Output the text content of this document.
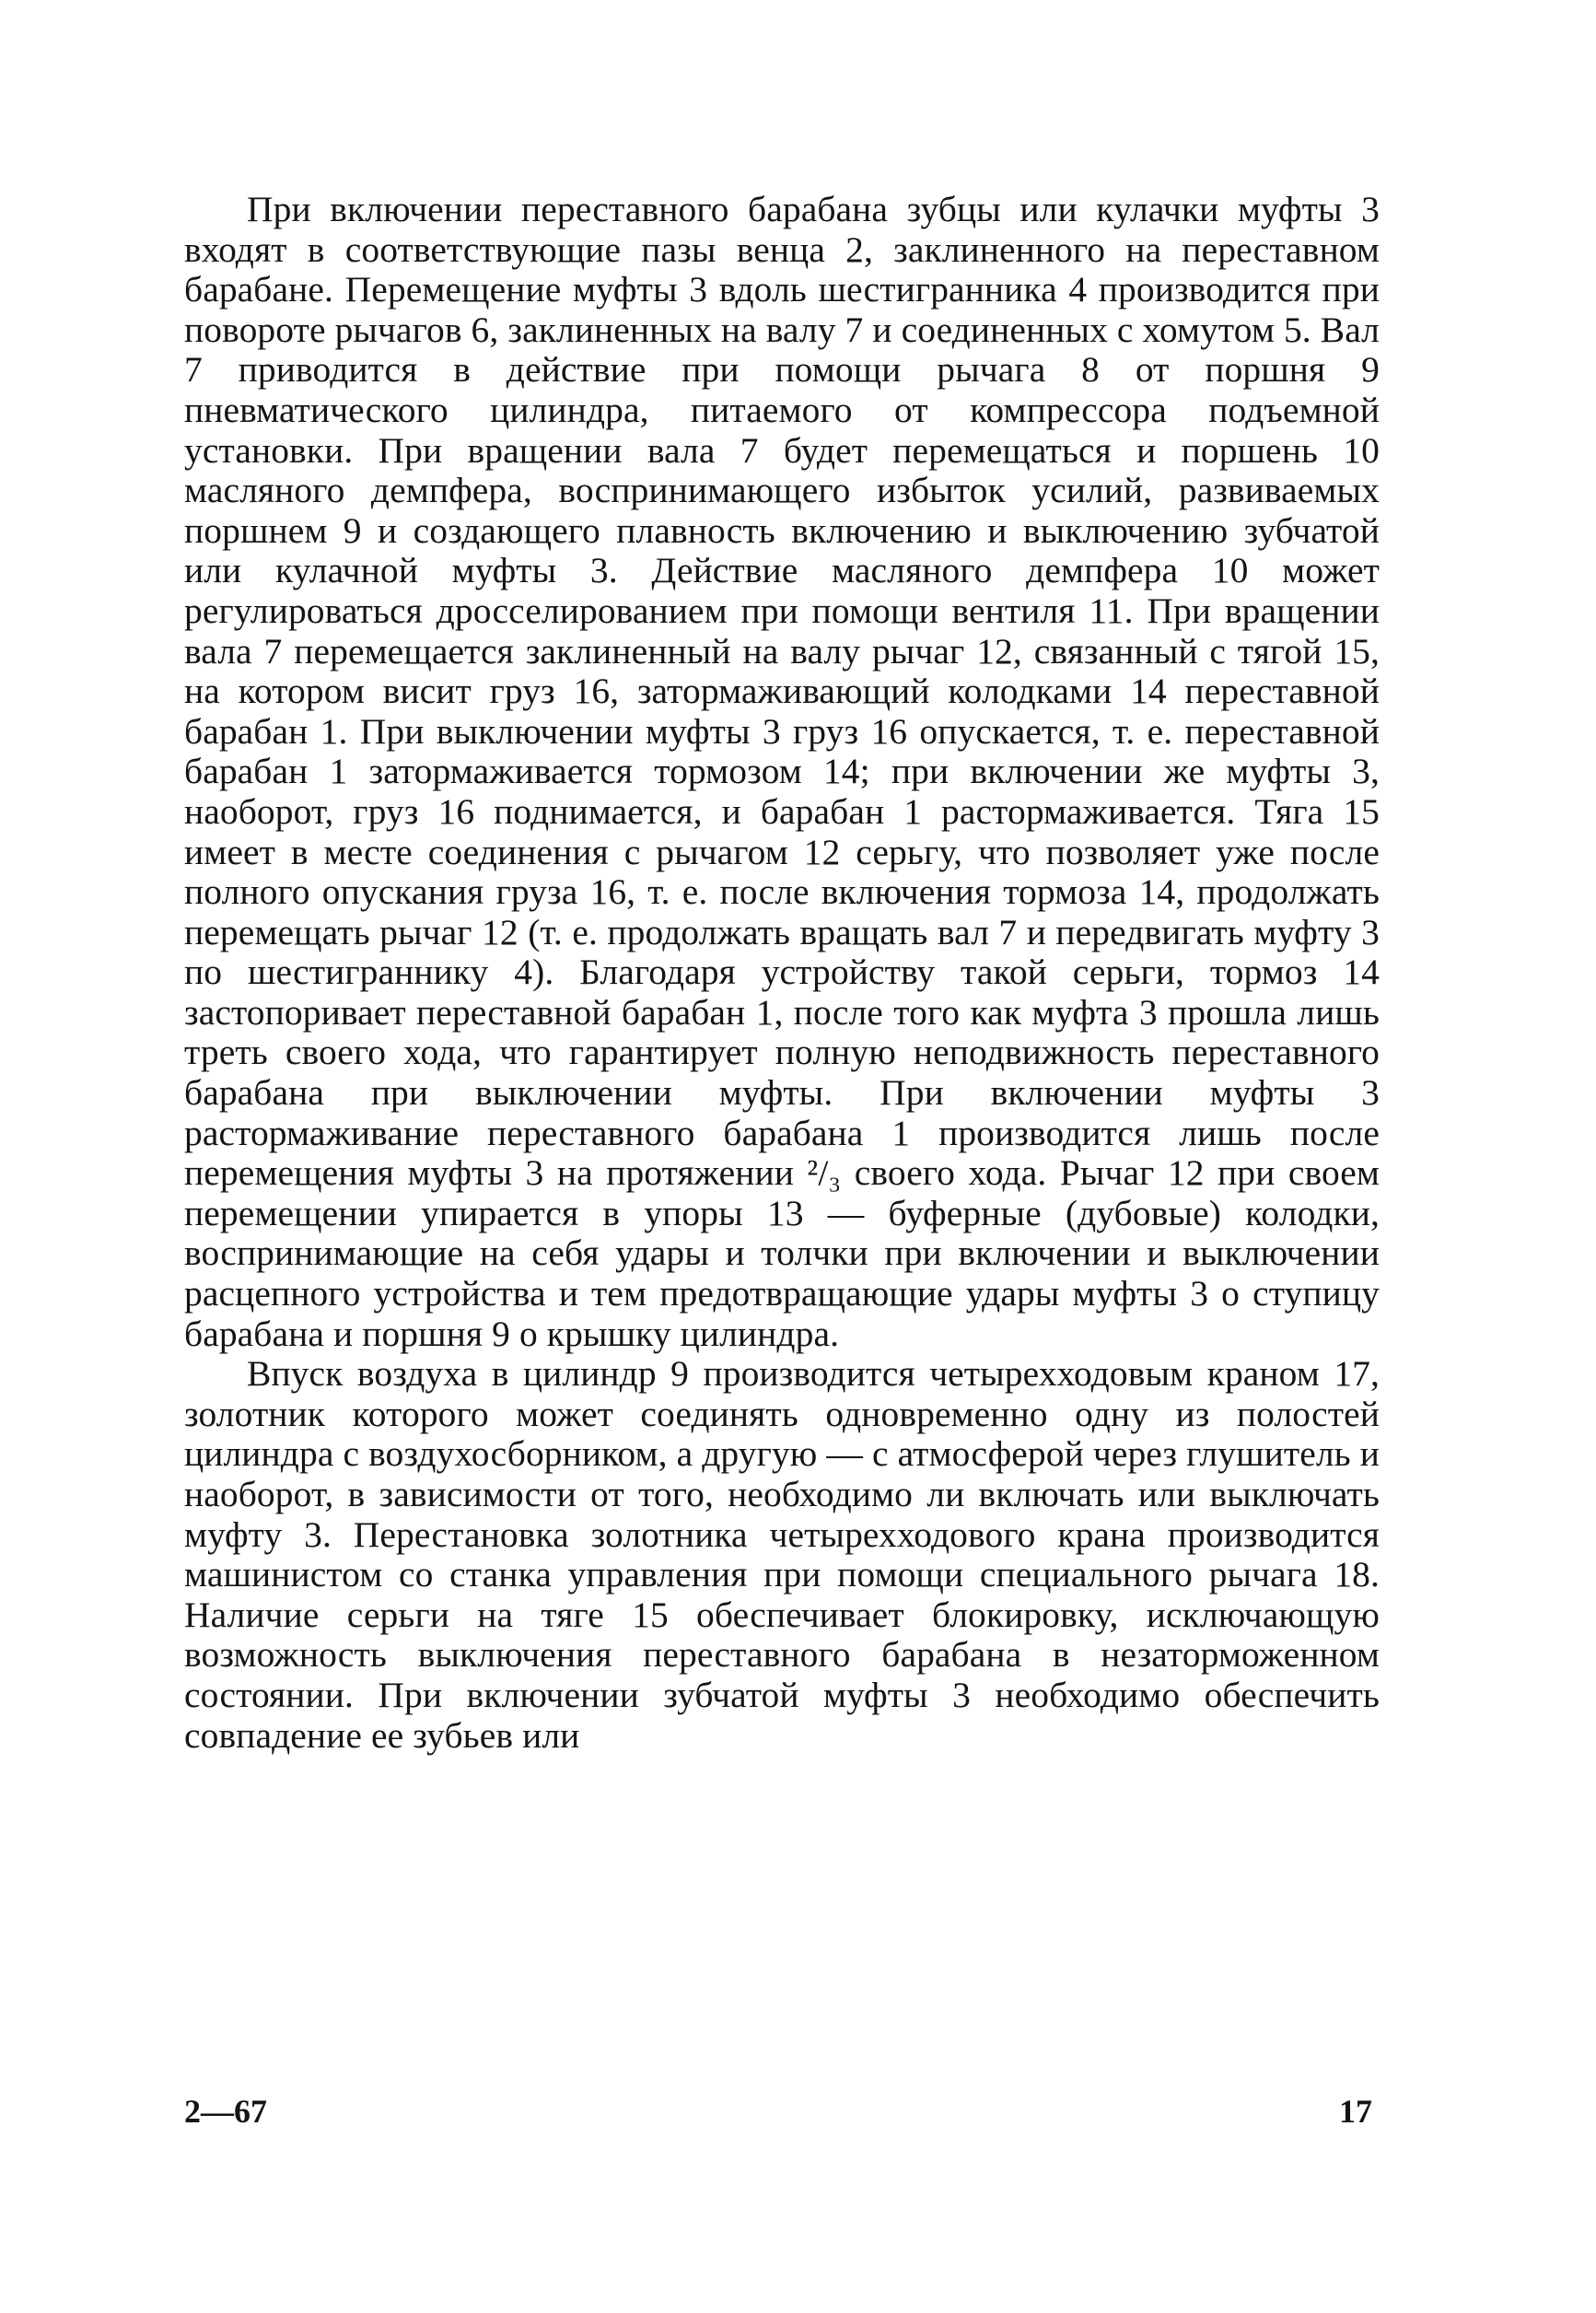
При включении переставного барабана зубцы или кулачки муфты 3 входят в соответствующие пазы венца 2, заклиненного на переставном барабане. Перемещение муфты 3 вдоль шестигранника 4 производится при повороте рычагов 6, заклиненных на валу 7 и соединенных с хомутом 5. Вал 7 приводится в действие при помощи рычага 8 от поршня 9 пневматического цилиндра, питаемого от компрессора подъемной установки. При вращении вала 7 будет перемещаться и поршень 10 масляного демпфера, воспринимающего избыток усилий, развиваемых поршнем 9 и создающего плавность включению и выключению зубчатой или кулачной муфты 3. Действие масляного демпфера 10 может регулироваться дросселированием при помощи вентиля 11. При вращении вала 7 перемещается заклиненный на валу рычаг 12, связанный с тягой 15, на котором висит груз 16, затормаживающий колодками 14 переставной барабан 1. При выключении муфты 3 груз 16 опускается, т. е. переставной барабан 1 затормаживается тормозом 14; при включении же муфты 3, наоборот, груз 16 поднимается, и барабан 1 растормаживается. Тяга 15 имеет в месте соединения с рычагом 12 серьгу, что позволяет уже после полного опускания груза 16, т. е. после включения тормоза 14, продолжать перемещать рычаг 12 (т. е. продолжать вращать вал 7 и передвигать муфту 3 по шестиграннику 4). Благодаря устройству такой серьги, тормоз 14 застопоривает переставной барабан 1, после того как муфта 3 прошла лишь треть своего хода, что гарантирует полную неподвижность переставного барабана при выключении муфты. При включении муфты 3 растормаживание переставного барабана 1 производится лишь после перемещения муфты 3 на протяжении ²/₃ своего хода. Рычаг 12 при своем перемещении упирается в упоры 13 — буферные (дубовые) колодки, воспринимающие на себя удары и толчки при включении и выключении расцепного устройства и тем предотвращающие удары муфты 3 о ступицу барабана и поршня 9 о крышку цилиндра.

Впуск воздуха в цилиндр 9 производится четырехходовым краном 17, золотник которого может соединять одновременно одну из полостей цилиндра с воздухосборником, а другую — с атмосферой через глушитель и наоборот, в зависимости от того, необходимо ли включать или выключать муфту 3. Перестановка золотника четырехходового крана производится машинистом со станка управления при помощи специального рычага 18. Наличие серьги на тяге 15 обеспечивает блокировку, исключающую возможность выключения переставного барабана в незаторможенном состоянии. При включении зубчатой муфты 3 необходимо обеспечить совпадение ее зубьев или

2—67	17
